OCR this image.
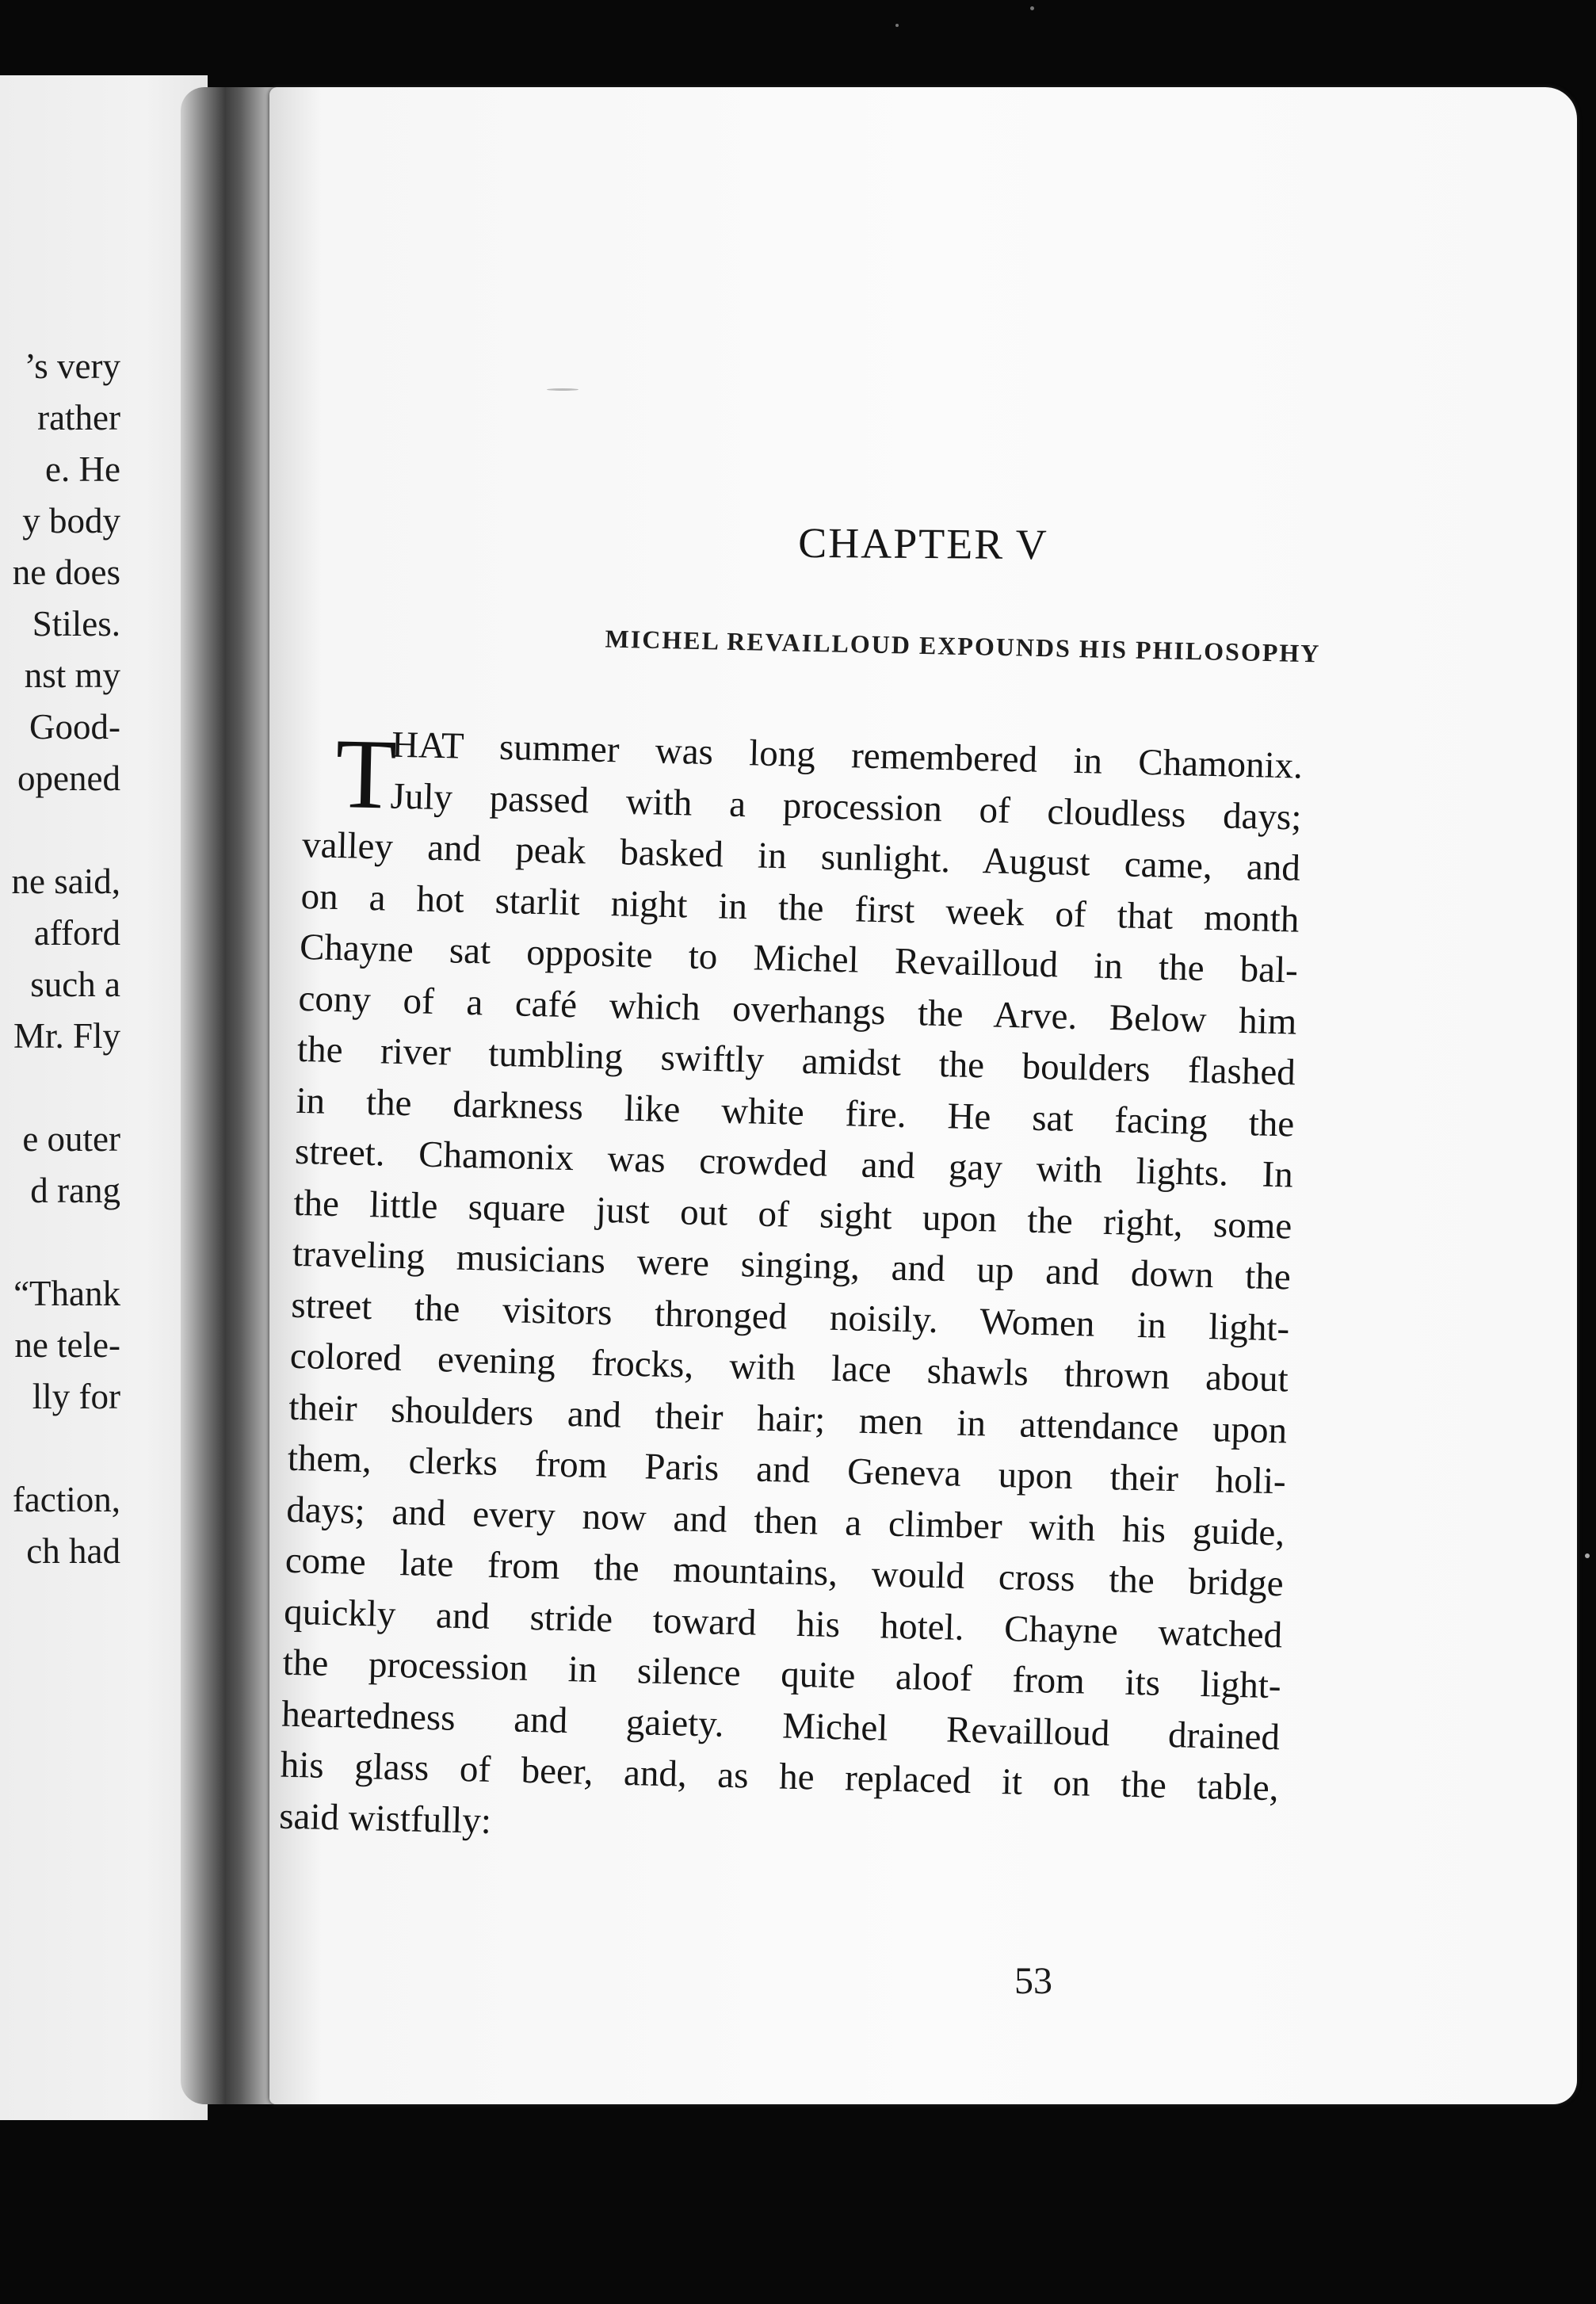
’s very
rather
e. He
y body
ne does
Stiles.
nst my
Good-
opened
ne said,
afford
such a
Mr. Fly
e outer
d rang
“Thank
ne tele-
lly for
faction,
ch had
CHAPTER V
MICHEL REVAILLOUD EXPOUNDS HIS PHILOSOPHY
53
T
HAT summer was long remembered in Chamonix.
July passed with a procession of cloudless days;
valley and peak basked in sunlight. August came, and
on a hot starlit night in the first week of that month
Chayne sat opposite to Michel Revailloud in the bal-
cony of a café which overhangs the Arve. Below him
the river tumbling swiftly amidst the boulders flashed
in the darkness like white fire. He sat facing the
street. Chamonix was crowded and gay with lights. In
the little square just out of sight upon the right, some
traveling musicians were singing, and up and down the
street the visitors thronged noisily. Women in light-
colored evening frocks, with lace shawls thrown about
their shoulders and their hair; men in attendance upon
them, clerks from Paris and Geneva upon their holi-
days; and every now and then a climber with his guide,
come late from the mountains, would cross the bridge
quickly and stride toward his hotel. Chayne watched
the procession in silence quite aloof from its light-
heartedness and gaiety. Michel Revailloud drained
his glass of beer, and, as he replaced it on the table,
said wistfully:
